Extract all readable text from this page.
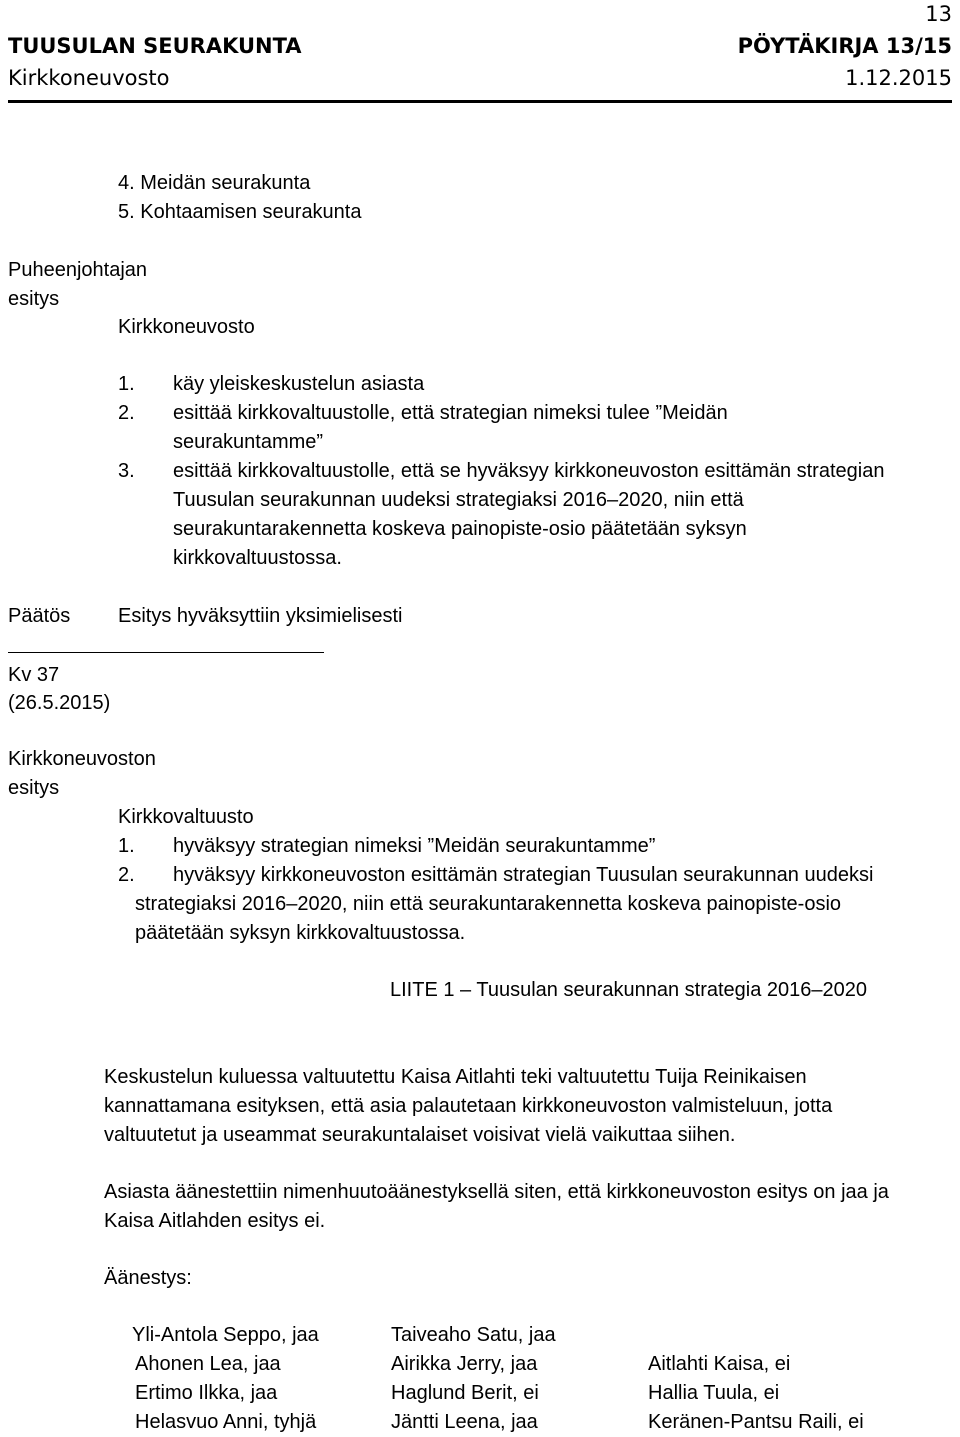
13
TUUSULAN SEURAKUNTA	PÖYTÄKIRJA 13/15
Kirkkoneuvosto	1.12.2015
4. Meidän seurakunta
5. Kohtaamisen seurakunta
Puheenjohtajan
esitys
Kirkkoneuvosto
1. käy yleiskeskustelun asiasta
2. esittää kirkkovaltuustolle, että strategian nimeksi tulee ”Meidän
seurakuntamme”
3. esittää kirkkovaltuustolle, että se hyväksyy kirkkoneuvoston esittämän strategian
Tuusulan seurakunnan uudeksi strategiaksi 2016–2020, niin että
seurakuntarakennetta koskeva painopiste-osio päätetään syksyn
kirkkovaltuustossa.
Päätös Esitys hyväksyttiin yksimielisesti
Kv 37
(26.5.2015)
Kirkkoneuvoston
esitys
Kirkkovaltuusto
1. hyväksyy strategian nimeksi ”Meidän seurakuntamme”
2. hyväksyy kirkkoneuvoston esittämän strategian Tuusulan seurakunnan uudeksi
strategiaksi 2016–2020, niin että seurakuntarakennetta koskeva painopiste-osio
päätetään syksyn kirkkovaltuustossa.
LIITE 1 – Tuusulan seurakunnan strategia 2016–2020
Keskustelun kuluessa valtuutettu Kaisa Aitlahti teki valtuutettu Tuija Reinikaisen kannattamana esityksen, että asia palautetaan kirkkoneuvoston valmisteluun, jotta valtuutetut ja useammat seurakuntalaiset voisivat vielä vaikuttaa siihen.
Asiasta äänestettiin nimenhuutoäänestyksellä siten, että kirkkoneuvoston esitys on jaa ja Kaisa Aitlahden esitys ei.
Äänestys:
Yli-Antola Seppo, jaa
Ahonen Lea, jaa
Ertimo Ilkka, jaa
Helasvuo Anni, tyhjä
Taiveaho Satu, jaa
Airikka Jerry, jaa
Haglund Berit, ei
Jäntti Leena, jaa
Aitlahti Kaisa, ei
Hallia Tuula, ei
Keränen-Pantsu Raili, ei
